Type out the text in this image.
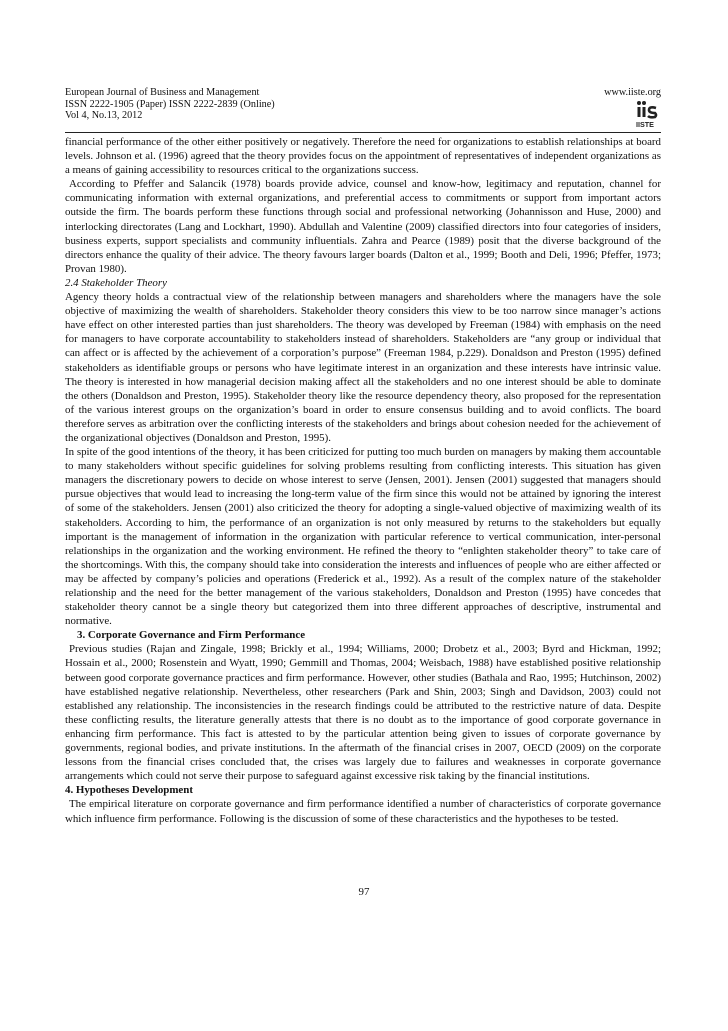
European Journal of Business and Management
ISSN 2222-1905 (Paper) ISSN 2222-2839 (Online)
Vol 4, No.13, 2012
www.iiste.org
IISTE

financial performance of the other either positively or negatively. Therefore the need for organizations to establish relationships at board levels. Johnson et al. (1996) agreed that the theory provides focus on the appointment of representatives of independent organizations as a means of gaining accessibility to resources critical to the organizations success.

According to Pfeffer and Salancik (1978) boards provide advice, counsel and know-how, legitimacy and reputation, channel for communicating information with external organizations, and preferential access to commitments or support from important actors outside the firm. The boards perform these functions through social and professional networking (Johannisson and Huse, 2000) and interlocking directorates (Lang and Lockhart, 1990). Abdullah and Valentine (2009) classified directors into four categories of insiders, business experts, support specialists and community influentials. Zahra and Pearce (1989) posit that the diverse background of the directors enhance the quality of their advice. The theory favours larger boards (Dalton et al., 1999; Booth and Deli, 1996; Pfeffer, 1973; Provan 1980).

2.4 Stakeholder Theory

Agency theory holds a contractual view of the relationship between managers and shareholders where the managers have the sole objective of maximizing the wealth of shareholders. Stakeholder theory considers this view to be too narrow since manager’s actions have effect on other interested parties than just shareholders. The theory was developed by Freeman (1984) with emphasis on the need for managers to have corporate accountability to stakeholders instead of shareholders. Stakeholders are “any group or individual that can affect or is affected by the achievement of a corporation’s purpose” (Freeman 1984, p.229). Donaldson and Preston (1995) defined stakeholders as identifiable groups or persons who have legitimate interest in an organization and these interests have intrinsic value. The theory is interested in how managerial decision making affect all the stakeholders and no one interest should be able to dominate the others (Donaldson and Preston, 1995). Stakeholder theory like the resource dependency theory, also proposed for the representation of the various interest groups on the organization’s board in order to ensure consensus building and to avoid conflicts. The board therefore serves as arbitration over the conflicting interests of the stakeholders and brings about cohesion needed for the achievement of the organizational objectives (Donaldson and Preston, 1995).

In spite of the good intentions of the theory, it has been criticized for putting too much burden on managers by making them accountable to many stakeholders without specific guidelines for solving problems resulting from conflicting interests. This situation has given managers the discretionary powers to decide on whose interest to serve (Jensen, 2001). Jensen (2001) suggested that managers should pursue objectives that would lead to increasing the long-term value of the firm since this would not be attained by ignoring the interest of some of the stakeholders. Jensen (2001) also criticized the theory for adopting a single-valued objective of maximizing wealth of its stakeholders. According to him, the performance of an organization is not only measured by returns to the stakeholders but equally important is the management of information in the organization with particular reference to vertical communication, inter-personal relationships in the organization and the working environment. He refined the theory to “enlighten stakeholder theory” to take care of the shortcomings. With this, the company should take into consideration the interests and influences of people who are either affected or may be affected by company’s policies and operations (Frederick et al., 1992). As a result of the complex nature of the stakeholder relationship and the need for the better management of the various stakeholders, Donaldson and Preston (1995) have concedes that stakeholder theory cannot be a single theory but categorized them into three different approaches of descriptive, instrumental and normative.

3. Corporate Governance and Firm Performance

Previous studies (Rajan and Zingale, 1998; Brickly et al., 1994; Williams, 2000; Drobetz et al., 2003; Byrd and Hickman, 1992; Hossain et al., 2000; Rosenstein and Wyatt, 1990; Gemmill and Thomas, 2004; Weisbach, 1988) have established positive relationship between good corporate governance practices and firm performance. However, other studies (Bathala and Rao, 1995; Hutchinson, 2002) have established negative relationship. Nevertheless, other researchers (Park and Shin, 2003; Singh and Davidson, 2003) could not established any relationship. The inconsistencies in the research findings could be attributed to the restrictive nature of data. Despite these conflicting results, the literature generally attests that there is no doubt as to the importance of good corporate governance in enhancing firm performance. This fact is attested to by the particular attention being given to issues of corporate governance by governments, regional bodies, and private institutions. In the aftermath of the financial crises in 2007, OECD (2009) on the corporate lessons from the financial crises concluded that, the crises was largely due to failures and weaknesses in corporate governance arrangements which could not serve their purpose to safeguard against excessive risk taking by the financial institutions.

4. Hypotheses Development

The empirical literature on corporate governance and firm performance identified a number of characteristics of corporate governance which influence firm performance. Following is the discussion of some of these characteristics and the hypotheses to be tested.

97
